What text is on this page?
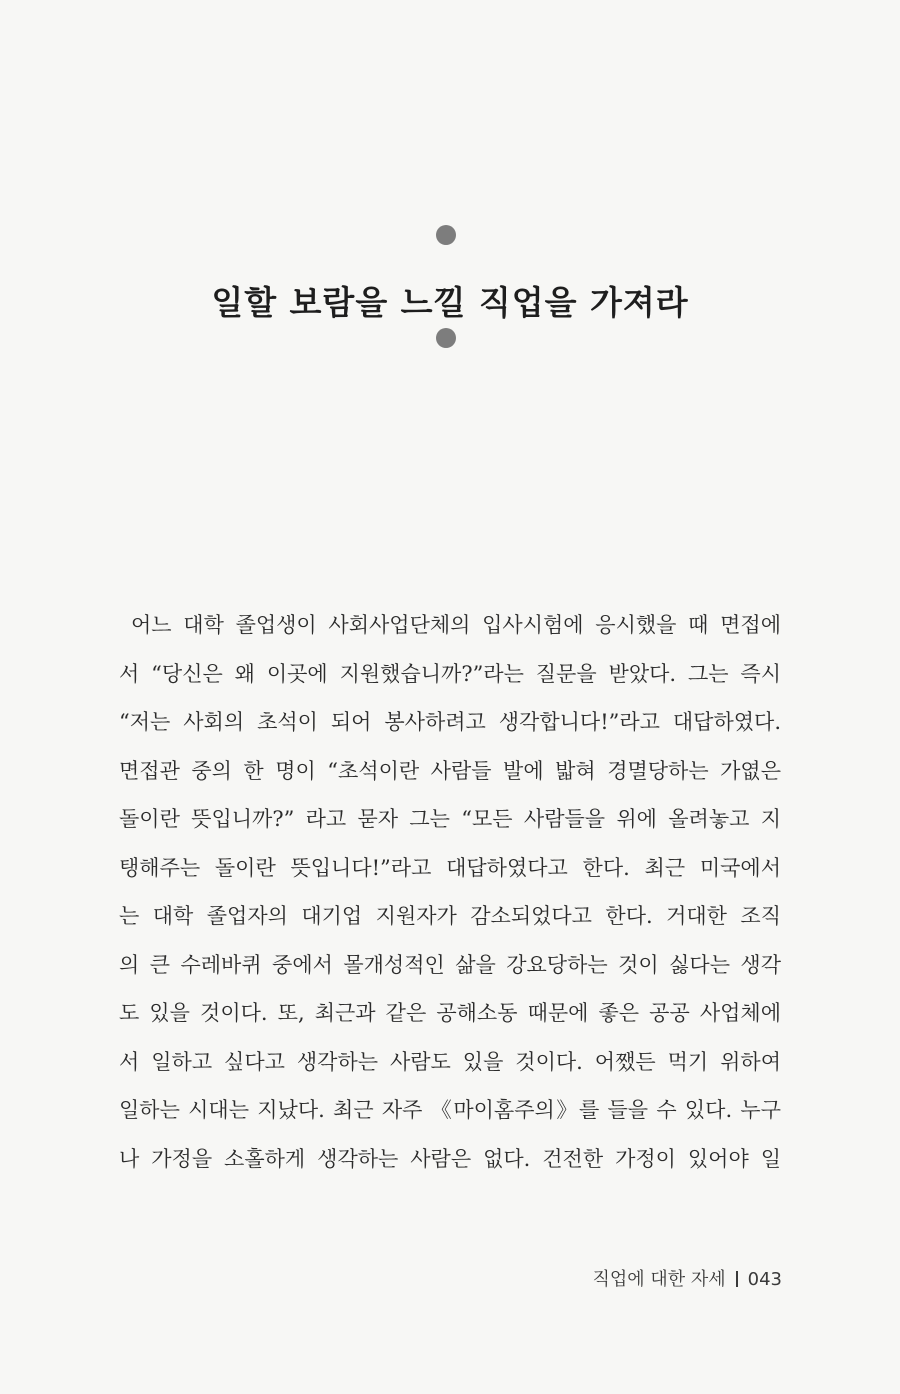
일할 보람을 느낄 직업을 가져라
어느 대학 졸업생이 사회사업단체의 입사시험에 응시했을 때 면접에
서 “당신은 왜 이곳에 지원했습니까?”라는 질문을 받았다. 그는 즉시
“저는 사회의 초석이 되어 봉사하려고 생각합니다!”라고 대답하였다.
면접관 중의 한 명이 “초석이란 사람들 발에 밟혀 경멸당하는 가엾은
돌이란 뜻입니까?” 라고 묻자 그는 “모든 사람들을 위에 올려놓고 지
탱해주는 돌이란 뜻입니다!”라고 대답하였다고 한다. 최근 미국에서
는 대학 졸업자의 대기업 지원자가 감소되었다고 한다. 거대한 조직
의 큰 수레바퀴 중에서 몰개성적인 삶을 강요당하는 것이 싫다는 생각
도 있을 것이다. 또, 최근과 같은 공해소동 때문에 좋은 공공 사업체에
서 일하고 싶다고 생각하는 사람도 있을 것이다. 어쨌든 먹기 위하여
일하는 시대는 지났다. 최근 자주 《마이홈주의》를 들을 수 있다. 누구
나 가정을 소홀하게 생각하는 사람은 없다. 건전한 가정이 있어야 일
직업에 대한 자세 043
